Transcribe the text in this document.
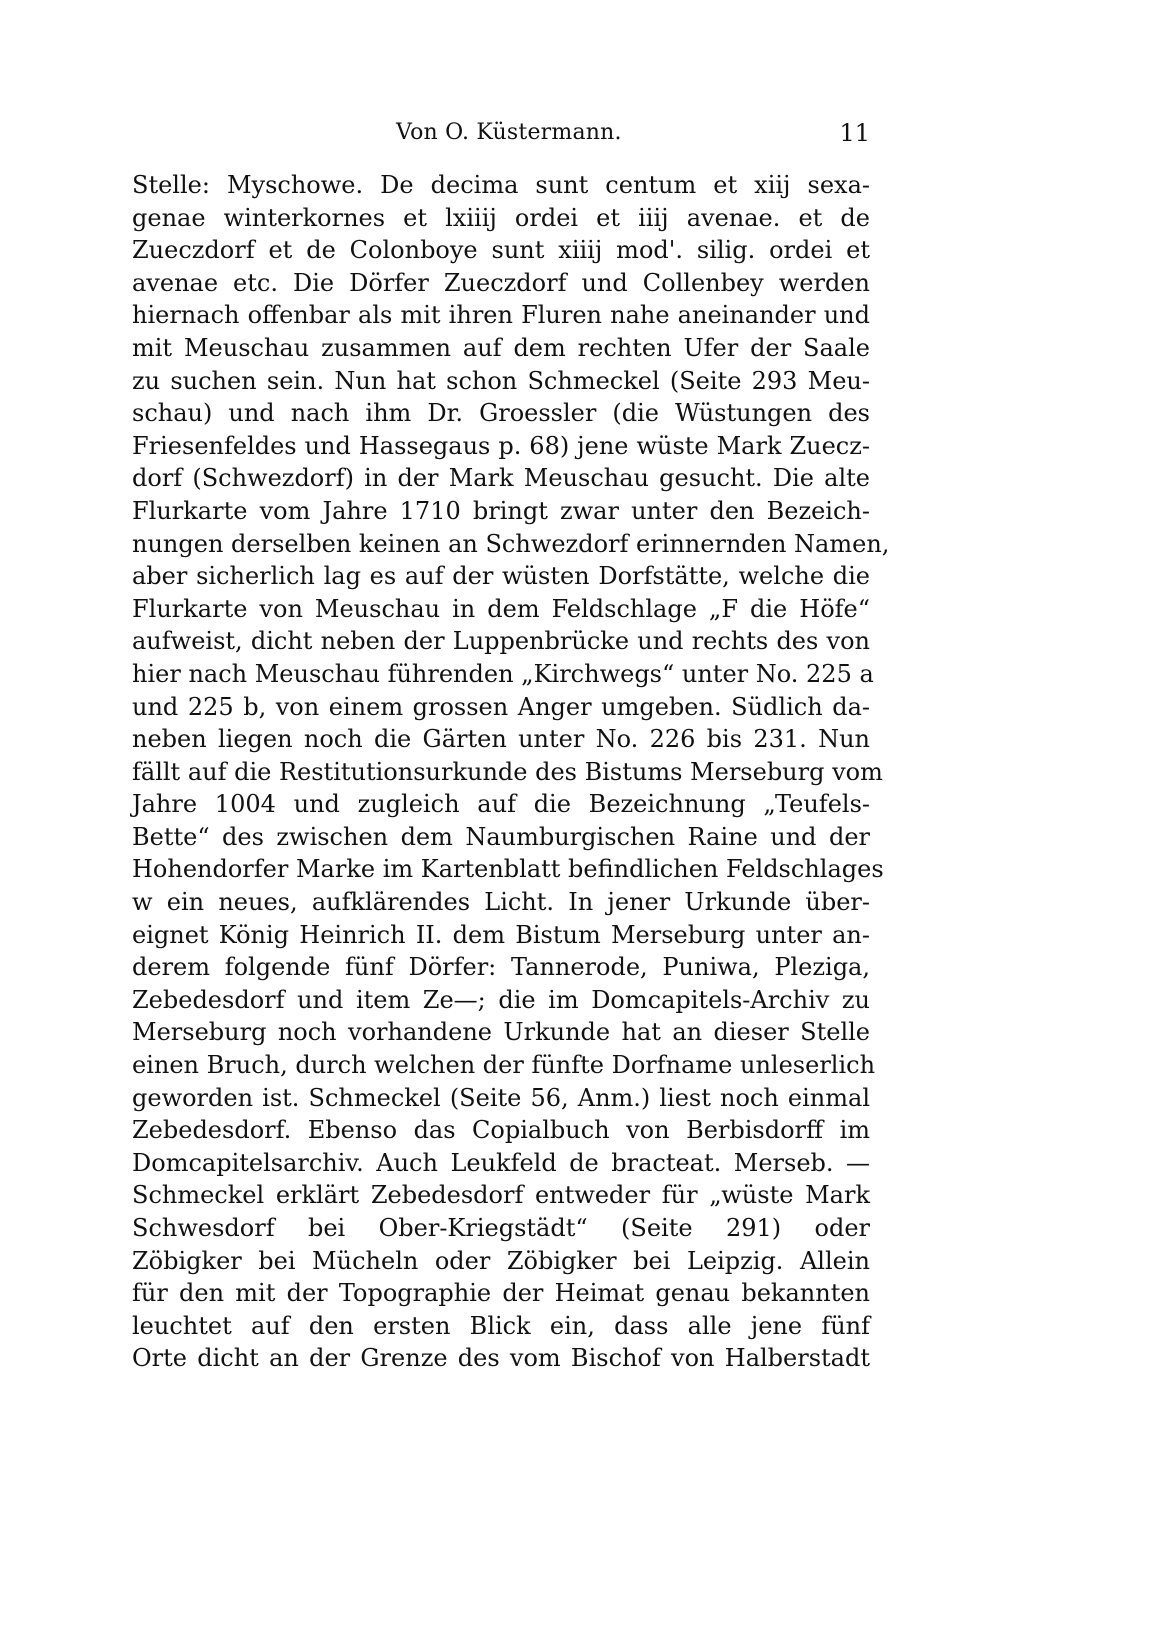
Von O. Küstermann.	11
Stelle: Myschowe. De decima sunt centum et xiij sexa-
genae winterkornes et lxiiij ordei et iiij avenae. et de
Zueczdorf et de Colonboye sunt xiiij mod'. silig. ordei et
avenae etc. Die Dörfer Zueczdorf und Collenbey werden
hiernach offenbar als mit ihren Fluren nahe aneinander und
mit Meuschau zusammen auf dem rechten Ufer der Saale
zu suchen sein. Nun hat schon Schmeckel (Seite 293 Meu-
schau) und nach ihm Dr. Groessler (die Wüstungen des
Friesenfeldes und Hassegaus p. 68) jene wüste Mark Zuecz-
dorf (Schwezdorf) in der Mark Meuschau gesucht. Die alte
Flurkarte vom Jahre 1710 bringt zwar unter den Bezeich-
nungen derselben keinen an Schwezdorf erinnernden Namen,
aber sicherlich lag es auf der wüsten Dorfstätte, welche die
Flurkarte von Meuschau in dem Feldschlage „F die Höfe“
aufweist, dicht neben der Luppenbrücke und rechts des von
hier nach Meuschau führenden „Kirchwegs“ unter No. 225 a
und 225 b, von einem grossen Anger umgeben. Südlich da-
neben liegen noch die Gärten unter No. 226 bis 231. Nun
fällt auf die Restitutionsurkunde des Bistums Merseburg vom
Jahre 1004 und zugleich auf die Bezeichnung „Teufels-
Bette“ des zwischen dem Naumburgischen Raine und der
Hohendorfer Marke im Kartenblatt befindlichen Feldschlages
w ein neues, aufklärendes Licht. In jener Urkunde über-
eignet König Heinrich II. dem Bistum Merseburg unter an-
derem folgende fünf Dörfer: Tannerode, Puniwa, Pleziga,
Zebedesdorf und item Ze—; die im Domcapitels-Archiv zu
Merseburg noch vorhandene Urkunde hat an dieser Stelle
einen Bruch, durch welchen der fünfte Dorfname unleserlich
geworden ist. Schmeckel (Seite 56, Anm.) liest noch einmal
Zebedesdorf. Ebenso das Copialbuch von Berbisdorff im
Domcapitelsarchiv. Auch Leukfeld de bracteat. Merseb. —
Schmeckel erklärt Zebedesdorf entweder für „wüste Mark
Schwesdorf bei Ober-Kriegstädt“ (Seite 291) oder
Zöbigker bei Mücheln oder Zöbigker bei Leipzig. Allein
für den mit der Topographie der Heimat genau bekannten
leuchtet auf den ersten Blick ein, dass alle jene fünf
Orte dicht an der Grenze des vom Bischof von Halberstadt
